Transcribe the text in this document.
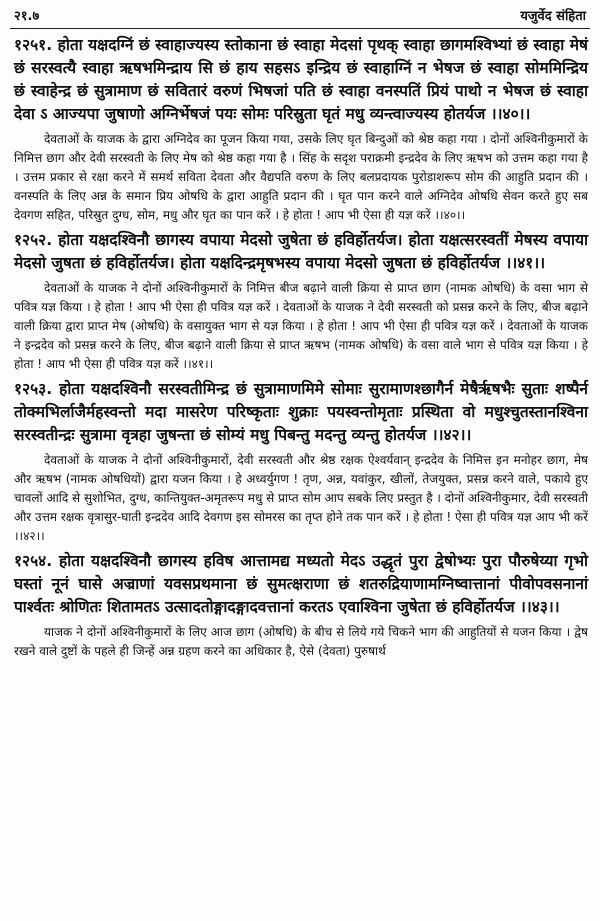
२१.७	यजुर्वेद संहिता

१२५१. होता यक्षदग्निं छं स्वाहाज्यस्य स्तोकाना छं स्वाहा मेदसां पृथक् स्वाहा छागमश्विभ्यां छं स्वाहा मेषं छं सरस्वत्यै स्वाहा ऋषभमिन्द्राय सि छं हाय सहसऽ इन्द्रिय छं स्वाहाग्निं न भेषज छं स्वाहा सोममिन्द्रिय छं स्वाहेन्द्र छं सुत्रामाण छं सवितारं वरुणं भिषजां पति छं स्वाहा वनस्पतिं प्रियं पाथो न भेषज छं स्वाहा देवा ऽ आज्यपा जुषाणो अग्निर्भेषजं पयः सोमः परिस्रुता घृतं मधु व्यन्त्वाज्यस्य होतर्यज ।।४०।।

देवताओं के याजक के द्वारा अग्निदेव का पूजन किया गया, उसके लिए घृत बिन्दुओं को श्रेष्ठ कहा गया । दोनों अश्विनीकुमारों के निमित्त छाग और देवी सरस्वती के लिए मेष को श्रेष्ठ कहा गया है । सिंह के सदृश पराक्रमी इन्द्रदेव के लिए ऋषभ को उत्तम कहा गया है । उत्तम प्रकार से रक्षा करने में समर्थ सविता देवता और वैद्यपति वरुण के लिए बलप्रदायक पुरोडाशरूप सोम की आहुति प्रदान की । वनस्पति के लिए अन्न के समान प्रिय ओषधि के द्वारा आहुति प्रदान की । घृत पान करने वाले अग्निदेव ओषधि सेवन करते हुए सब देवगण सहित, परिस्रुत दुग्ध, सोम, मधु और घृत का पान करें । हे होता ! आप भी ऐसा ही यज्ञ करें ।।४०।।

१२५२. होता यक्षदश्विनौ छागस्य वपाया मेदसो जुषेता छं हविर्होतर्यज। होता यक्षत्सरस्वतीं मेषस्य वपाया मेदसो जुषता छं हविर्होतर्यज। होता यक्षदिन्द्रमृषभस्य वपाया मेदसो जुषता छं हविर्होतर्यज ।।४१।।

देवताओं के याजक ने दोनों अश्विनीकुमारों के निमित्त बीज बढ़ाने वाली क्रिया से प्राप्त छाग (नामक ओषधि) के वसा भाग से पवित्र यज्ञ किया । हे होता ! आप भी ऐसा ही पवित्र यज्ञ करें । देवताओं के याजक ने देवी सरस्वती को प्रसन्न करने के लिए, बीज बढ़ाने वाली क्रिया द्वारा प्राप्त मेष (ओषधि) के वसायुक्त भाग से यज्ञ किया । हे होता ! आप भी ऐसा ही पवित्र यज्ञ करें । देवताओं के याजक ने इन्द्रदेव को प्रसन्न करने के लिए, बीज बढ़ाने वाली क्रिया से प्राप्त ऋषभ (नामक ओषधि) के वसा वाले भाग से पवित्र यज्ञ किया । हे होता ! आप भी ऐसा ही पवित्र यज्ञ करें ।।४१।।

१२५३. होता यक्षदश्विनौ सरस्वतीमिन्द्र छं सुत्रामाणमिमे सोमाः सुरामाणश्छागैर्न मेषैर्ऋषभैः सुताः शष्पैर्न तोक्मभिर्लाजैर्महस्वन्तो मदा मासरेण परिष्कृताः शुक्राः पयस्वन्तोमृताः प्रस्थिता वो मधुश्चुतस्तानश्विना सरस्वतीन्द्रः सुत्रामा वृत्रहा जुषन्ता छं सोम्यं मधु पिबन्तु मदन्तु व्यन्तु होतर्यज ।।४२।।

देवताओं के याजक ने दोनों अश्विनीकुमारों, देवी सरस्वती और श्रेष्ठ रक्षक ऐश्वर्यवान् इन्द्रदेव के निमित्त इन मनोहर छाग, मेष और ऋषभ (नामक ओषधियों) द्वारा यजन किया । हे अध्वर्युगण ! तृण, अन्न, यवांकुर, खीलों, तेजयुक्त, प्रसन्न करने वाले, पकाये हुए चावलों आदि से सुशोभित, दुग्ध, कान्तियुक्त-अमृतरूप मधु से प्राप्त सोम आप सबके लिए प्रस्तुत है । दोनों अश्विनीकुमार, देवी सरस्वती और उत्तम रक्षक वृत्रासुर-घाती इन्द्रदेव आदि देवगण इस सोमरस का तृप्त होने तक पान करें । हे होता ! ऐसा ही पवित्र यज्ञ आप भी करें ।।४२।।

१२५४. होता यक्षदश्विनौ छागस्य हविष आत्तामद्य मध्यतो मेदऽ उद्धृतं पुरा द्वेषोभ्यः पुरा पौरुषेय्या गृभो घस्तां नूनं घासे अज्राणां यवसप्रथमाना छं सुमत्क्षराणा छं शतरुद्रियाणामग्निष्वात्तानां पीवोपवसनानां पार्श्वतः श्रोणितः शितामतऽ उत्सादतोङ्गादङ्गादवत्तानां करतऽ एवाश्विना जुषेता छं हविर्होतर्यज ।।४३।।

याजक ने दोनों अश्विनीकुमारों के लिए आज छाग (ओषधि) के बीच से लिये गये चिकने भाग की आहुतियों से यजन किया । द्वेष रखने वाले दुष्टों के पहले ही जिन्हें अन्न ग्रहण करने का अधिकार है, ऐसे (देवता) पुरुषार्थ
